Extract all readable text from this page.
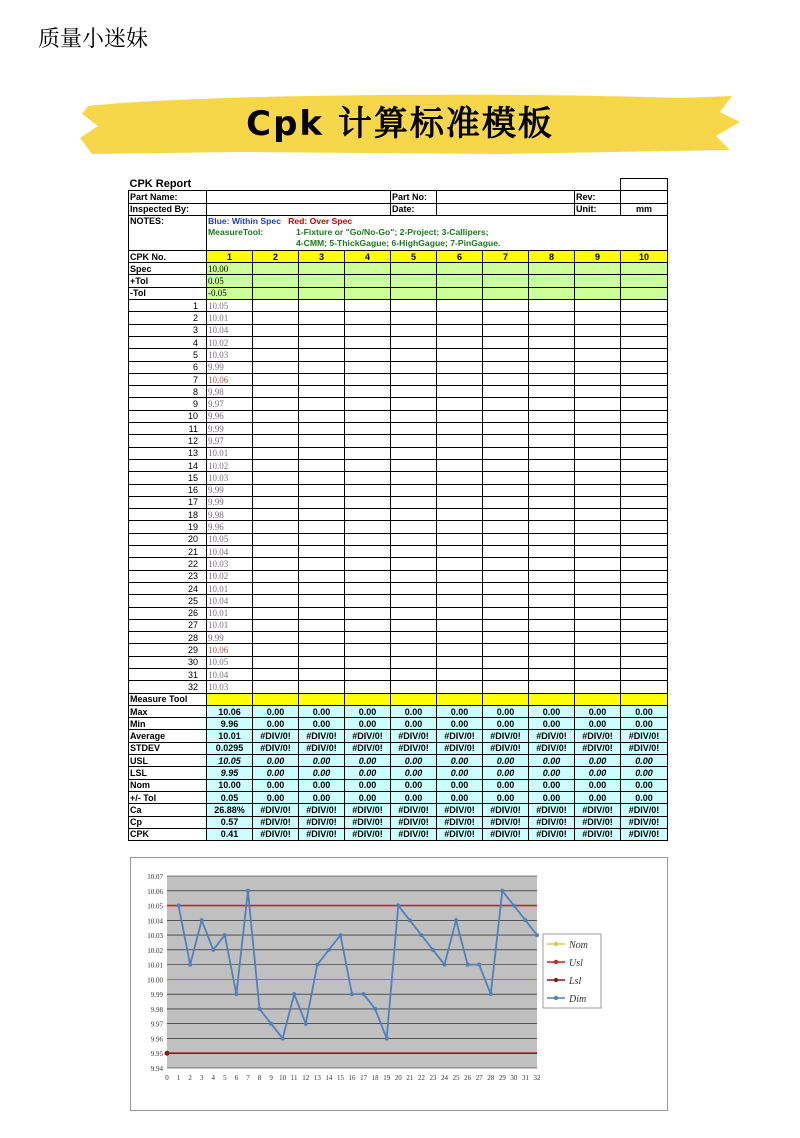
质量小迷妹
Cpk 计算标准模板
CPK Report										
Part Name:					Part No:				Rev:	
Inspected By:					Date:				Unit:	mm
NOTES:	Blue: Within Spec Red: Over Spec
MeasureTool: 1-Fixture or "Go/No-Go"; 2-Project; 3-Callipers;
4-CMM; 5-ThickGague; 6-HighGague; 7-PinGague.									

CPK No.	1	2	3	4	5	6	7	8	9	10
Spec	10.00									
+Tol	0.05									
-Tol	-0.05									
1	10.05									
2	10.01									
3	10.04									
4	10.02									
5	10.03									
6	9.99									
7	10.06									
8	9.98									
9	9.97									
10	9.96									
11	9.99									
12	9.97									
13	10.01									
14	10.02									
15	10.03									
16	9.99									
17	9.99									
18	9.98									
19	9.96									
20	10.05									
21	10.04									
22	10.03									
23	10.02									
24	10.01									
25	10.04									
26	10.01									
27	10.01									
28	9.99									
29	10.06									
30	10.05									
31	10.04									
32	10.03									
Measure Tool										
Max	10.06	0.00	0.00	0.00	0.00	0.00	0.00	0.00	0.00	0.00
Min	9.96	0.00	0.00	0.00	0.00	0.00	0.00	0.00	0.00	0.00
Average	10.01	#DIV/0!	#DIV/0!	#DIV/0!	#DIV/0!	#DIV/0!	#DIV/0!	#DIV/0!	#DIV/0!	#DIV/0!
STDEV	0.0295	#DIV/0!	#DIV/0!	#DIV/0!	#DIV/0!	#DIV/0!	#DIV/0!	#DIV/0!	#DIV/0!	#DIV/0!
USL	10.05	0.00	0.00	0.00	0.00	0.00	0.00	0.00	0.00	0.00
LSL	9.95	0.00	0.00	0.00	0.00	0.00	0.00	0.00	0.00	0.00
Nom	10.00	0.00	0.00	0.00	0.00	0.00	0.00	0.00	0.00	0.00
+/- Tol	0.05	0.00	0.00	0.00	0.00	0.00	0.00	0.00	0.00	0.00
Ca	26.88%	#DIV/0!	#DIV/0!	#DIV/0!	#DIV/0!	#DIV/0!	#DIV/0!	#DIV/0!	#DIV/0!	#DIV/0!
Cp	0.57	#DIV/0!	#DIV/0!	#DIV/0!	#DIV/0!	#DIV/0!	#DIV/0!	#DIV/0!	#DIV/0!	#DIV/0!
CPK	0.41	#DIV/0!	#DIV/0!	#DIV/0!	#DIV/0!	#DIV/0!	#DIV/0!	#DIV/0!	#DIV/0!	#DIV/0!
10.07
10.06
10.05
10.04
10.03
10.02
10.01
10.00
9.99
9.98
9.97
9.96
9.95
9.94
0 1 2 3 4 5 6 7 8 9 10 11 12 13 14 15 16 17 18 19 20 21 22 23 24 25 26 27 28 29 30 31 32
Nom
Usl
Lsl
Dim
